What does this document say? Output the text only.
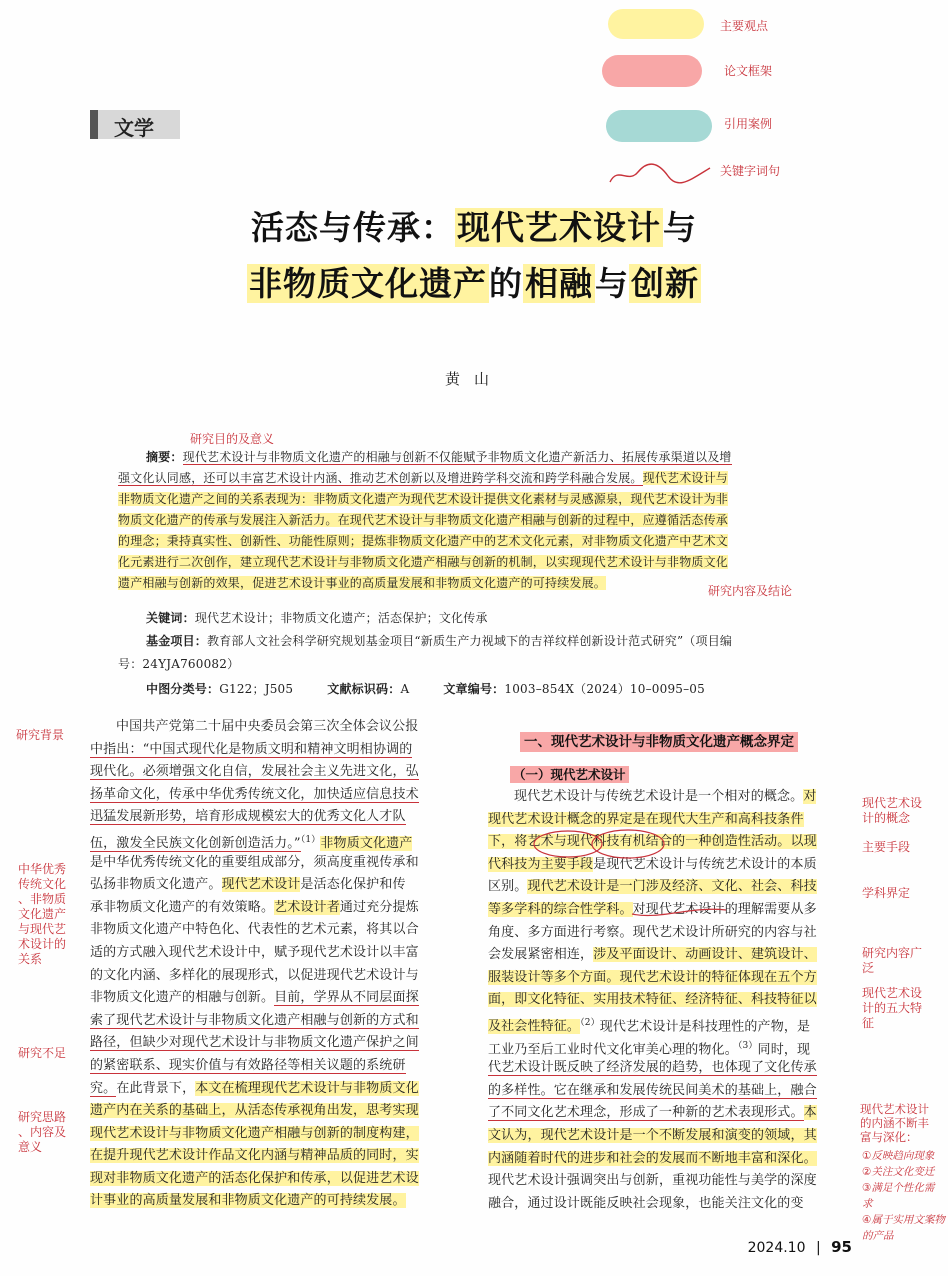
主要观点
论文框架
引用案例
关键字词句
文学
活态与传承：现代艺术设计与
非物质文化遗产的相融与创新
黄山
研究目的及意义
摘要：现代艺术设计与非物质文化遗产的相融与创新不仅能赋予非物质文化遗产新活力、拓展传承渠道以及增
强文化认同感，还可以丰富艺术设计内涵、推动艺术创新以及增进跨学科交流和跨学科融合发展。现代艺术设计与
非物质文化遗产之间的关系表现为：非物质文化遗产为现代艺术设计提供文化素材与灵感源泉，现代艺术设计为非
物质文化遗产的传承与发展注入新活力。在现代艺术设计与非物质文化遗产相融与创新的过程中，应遵循活态传承
的理念；秉持真实性、创新性、功能性原则；提炼非物质文化遗产中的艺术文化元素，对非物质文化遗产中艺术文
化元素进行二次创作，建立现代艺术设计与非物质文化遗产相融与创新的机制，以实现现代艺术设计与非物质文化
遗产相融与创新的效果，促进艺术设计事业的高质量发展和非物质文化遗产的可持续发展。
研究内容及结论
关键词：现代艺术设计；非物质文化遗产；活态保护；文化传承
基金项目：教育部人文社会科学研究规划基金项目“新质生产力视域下的吉祥纹样创新设计范式研究”（项目编
号：24YJA760082）
中图分类号：G122；J505	文献标识码：A	文章编号：1003–854X（2024）10–0095–05
研究背景
中华优秀
传统文化
、非物质
文化遗产
与现代艺
术设计的
关系
研究不足
研究思路
、内容及
意义
中国共产党第二十届中央委员会第三次全体会议公报
中指出：“中国式现代化是物质文明和精神文明相协调的
现代化。必须增强文化自信，发展社会主义先进文化，弘
扬革命文化，传承中华优秀传统文化，加快适应信息技术
迅猛发展新形势，培育形成规模宏大的优秀文化人才队
伍，激发全民族文化创新创造活力。”$^{(1)}$非物质文化遗产
是中华优秀传统文化的重要组成部分，须高度重视传承和
弘扬非物质文化遗产。现代艺术设计是活态化保护和传
承非物质文化遗产的有效策略。艺术设计者通过充分提炼
非物质文化遗产中特色化、代表性的艺术元素，将其以合
适的方式融入现代艺术设计中，赋予现代艺术设计以丰富
的文化内涵、多样化的展现形式，以促进现代艺术设计与
非物质文化遗产的相融与创新。目前，学界从不同层面探
索了现代艺术设计与非物质文化遗产相融与创新的方式和
路径，但缺少对现代艺术设计与非物质文化遗产保护之间
的紧密联系、现实价值与有效路径等相关议题的系统研
究。在此背景下，本文在梳理现代艺术设计与非物质文化
遗产内在关系的基础上，从活态传承视角出发，思考实现
现代艺术设计与非物质文化遗产相融与创新的制度构建，
在提升现代艺术设计作品文化内涵与精神品质的同时，实
现对非物质文化遗产的活态化保护和传承，以促进艺术设
计事业的高质量发展和非物质文化遗产的可持续发展。
一、现代艺术设计与非物质文化遗产概念界定
（一）现代艺术设计
现代艺术设计与传统艺术设计是一个相对的概念。对
现代艺术设计概念的界定是在现代大生产和高科技条件
下，将艺术与现代科技有机结合的一种创造性活动。以现
代科技为主要手段是现代艺术设计与传统艺术设计的本质
区别。现代艺术设计是一门涉及经济、文化、社会、科技
等多学科的综合性学科。对现代艺术设计的理解需要从多
角度、多方面进行考察。现代艺术设计所研究的内容与社
会发展紧密相连，涉及平面设计、动画设计、建筑设计、
服装设计等多个方面。现代艺术设计的特征体现在五个方
面，即文化特征、实用技术特征、经济特征、科技特征以
及社会性特征。$^{(2)}$现代艺术设计是科技理性的产物，是
工业乃至后工业时代文化审美心理的物化。$^{(3)}$同时，现
代艺术设计既反映了经济发展的趋势，也体现了文化传承
的多样性。它在继承和发展传统民间美术的基础上，融合
了不同文化艺术理念，形成了一种新的艺术表现形式。本
文认为，现代艺术设计是一个不断发展和演变的领域，其
内涵随着时代的进步和社会的发展而不断地丰富和深化。
现代艺术设计强调突出与创新，重视功能性与美学的深度
融合，通过设计既能反映社会现象，也能关注文化的变
现代艺术设
计的概念
主要手段
学科界定
研究内容广
泛
现代艺术设
计的五大特
征
现代艺术设计
的内涵不断丰
富与深化：
①反映趋向现象
②关注文化变迁
③满足个性化需
求
④属于实用文案物
的产品
2024.10 | 95
